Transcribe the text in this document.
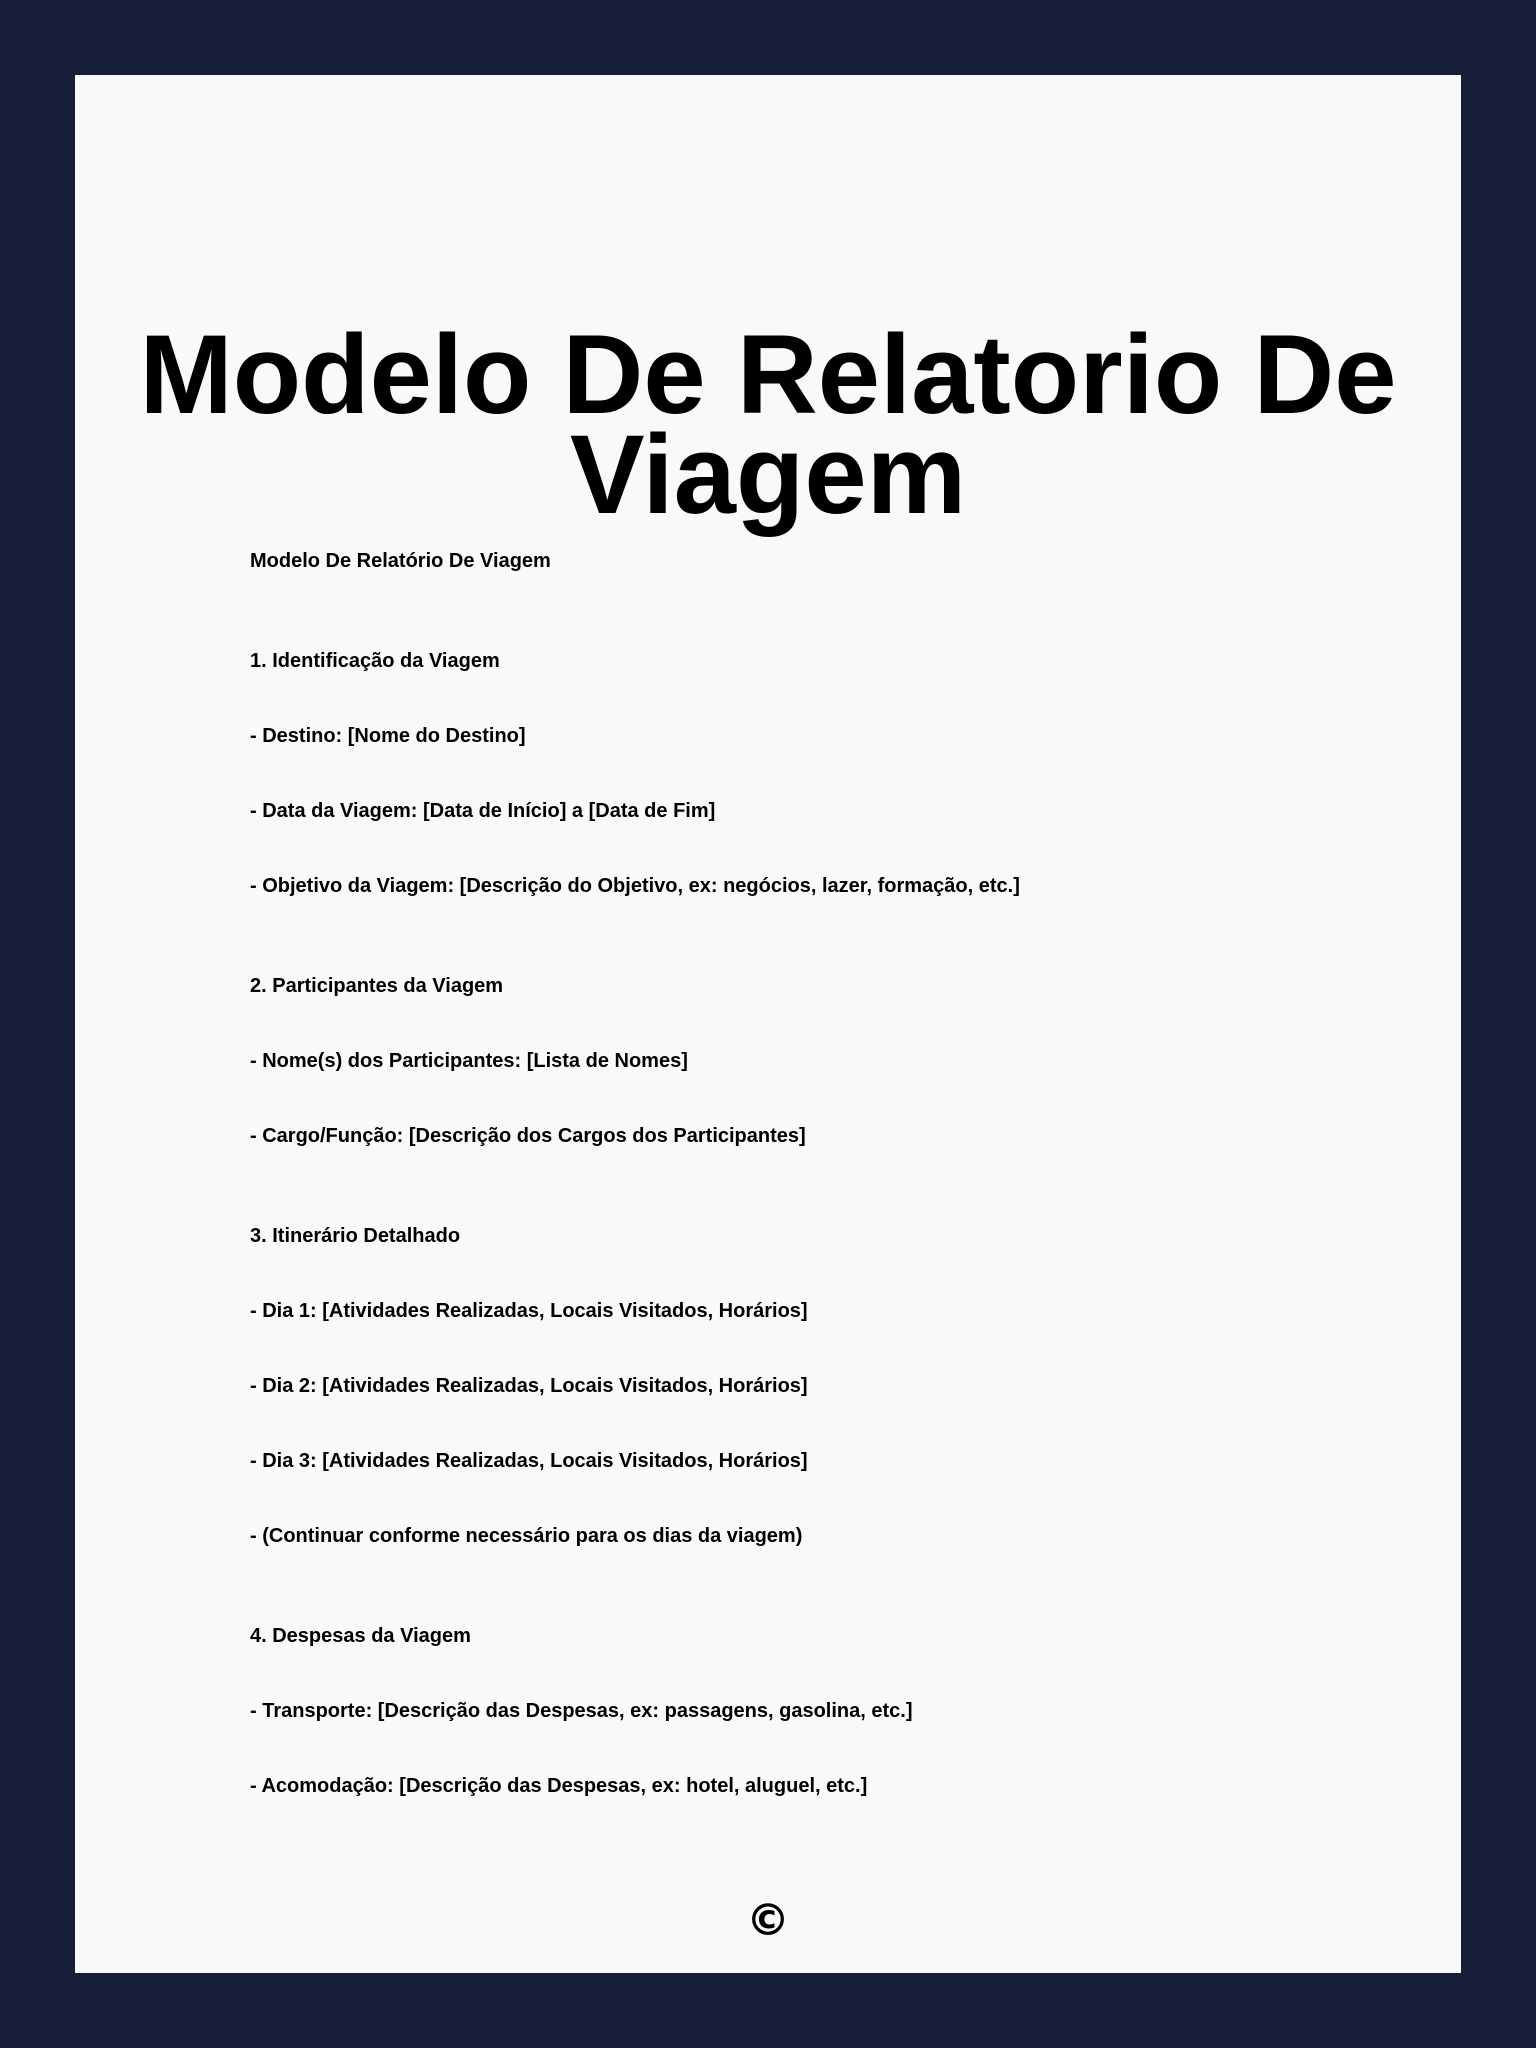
Modelo De Relatorio De Viagem

Modelo De Relatório De Viagem

1. Identificação da Viagem

- Destino: [Nome do Destino]

- Data da Viagem: [Data de Início] a [Data de Fim]

- Objetivo da Viagem: [Descrição do Objetivo, ex: negócios, lazer, formação, etc.]

2. Participantes da Viagem

- Nome(s) dos Participantes: [Lista de Nomes]

- Cargo/Função: [Descrição dos Cargos dos Participantes]

3. Itinerário Detalhado

- Dia 1: [Atividades Realizadas, Locais Visitados, Horários]

- Dia 2: [Atividades Realizadas, Locais Visitados, Horários]

- Dia 3: [Atividades Realizadas, Locais Visitados, Horários]

- (Continuar conforme necessário para os dias da viagem)

4. Despesas da Viagem

- Transporte: [Descrição das Despesas, ex: passagens, gasolina, etc.]

- Acomodação: [Descrição das Despesas, ex: hotel, aluguel, etc.]

©
